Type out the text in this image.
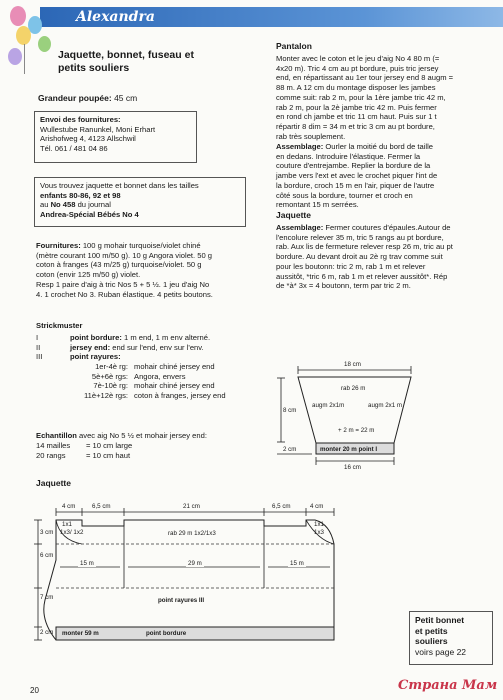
Alexandra
Jaquette, bonnet, fuseau et
petits souliers
Grandeur poupée: 45 cm
Envoi des fournitures:
Wullestube Ranunkel, Moni Erhart
Arishofweg 4, 4123 Allschwil
Tél. 061 / 481 04 86
Vous trouvez jaquette et bonnet dans les tailles
enfants 80-86, 92 et 98
au No 458 du journal
Andrea-Spécial Bébés No 4
Fournitures: 100 g mohair turquoise/violet chiné
(mètre courant 100 m/50 g). 10 g Angora violet. 50 g
coton à franges (43 m/25 g) turquoise/violet. 50 g
coton (envir 125 m/50 g) violet.
Resp 1 paire d'aig à tric Nos 5 + 5 ½. 1 jeu d'aig No
4. 1 crochet No 3. Ruban élastique. 4 petits boutons.
Strickmuster
I	point bordure: 1 m end, 1 m env alterné.
II	jersey end: end sur l'end, env sur l'env.
III	point rayures:
1er-4è rg: mohair chiné jersey end
5è+6è rgs: Angora, envers
7è-10è rg: mohair chiné jersey end
11è+12è rgs: coton à franges, jersey end
Echantillon avec aig No 5 ½ et mohair jersey end:
14 mailles = 10 cm large
20 rangs	= 10 cm haut
Pantalon
Monter avec le coton et le jeu d'aig No 4 80 m (=
4x20 m). Tric 4 cm au pt bordure, puis tric jersey
end, en répartissant au 1er tour jersey end 8 augm =
88 m. A 12 cm du montage disposer les jambes
comme suit: rab 2 m, pour la 1ère jambe tric 42 m,
rab 2 m, pour la 2è jambe tric 42 m. Puis fermer
en rond ch jambe et tric 11 cm haut. Puis sur 1 t
répartir 8 dim = 34 m et tric 3 cm au pt bordure,
rab très souplement.
Assemblage: Ourler la moitié du bord de taille
en dedans. Introduire l'élastique. Fermer la
couture d'entrejambe. Replier la bordure de la
jambe vers l'ext et avec le crochet piquer l'int de
la bordure, croch 15 m en l'air, piquer de l'autre
côté sous la bordure, tourner et croch en
remontant 15 m serrées.
Jaquette
Assemblage: Fermer coutures d'épaules.Autour de
l'encolure relever 35 m, tric 5 rangs au pt bordure,
rab. Aux lis de fermeture relever resp 26 m, tric au pt
bordure. Au devant droit au 2è rg trav comme suit
pour les boutonn: tric 2 m, rab 1 m et relever
aussitôt, *tric 6 m, rab 1 m et relever aussitôt*. Rép
de *à* 3x = 4 boutonn, term par tric 2 m.
18 cm
rab 26 m
augm 2x1m	augm 2x1 m
+ 2 m = 22 m
8 cm
2 cm	monter 20 m point I
16 cm
Jaquette
4 cm	6,5 cm	21 cm	6,5 cm	4 cm
rab 29 m 1x2/1x3
1x1
1x3/ 1x2
1x1
1x3
3 cm
6 cm
7 cm
2 cm
15 m	29 m	15 m
point rayures III
monter 59 m	point bordure
Petit bonnet
et petits
souliers
voirs page 22
20	Страна Мам
